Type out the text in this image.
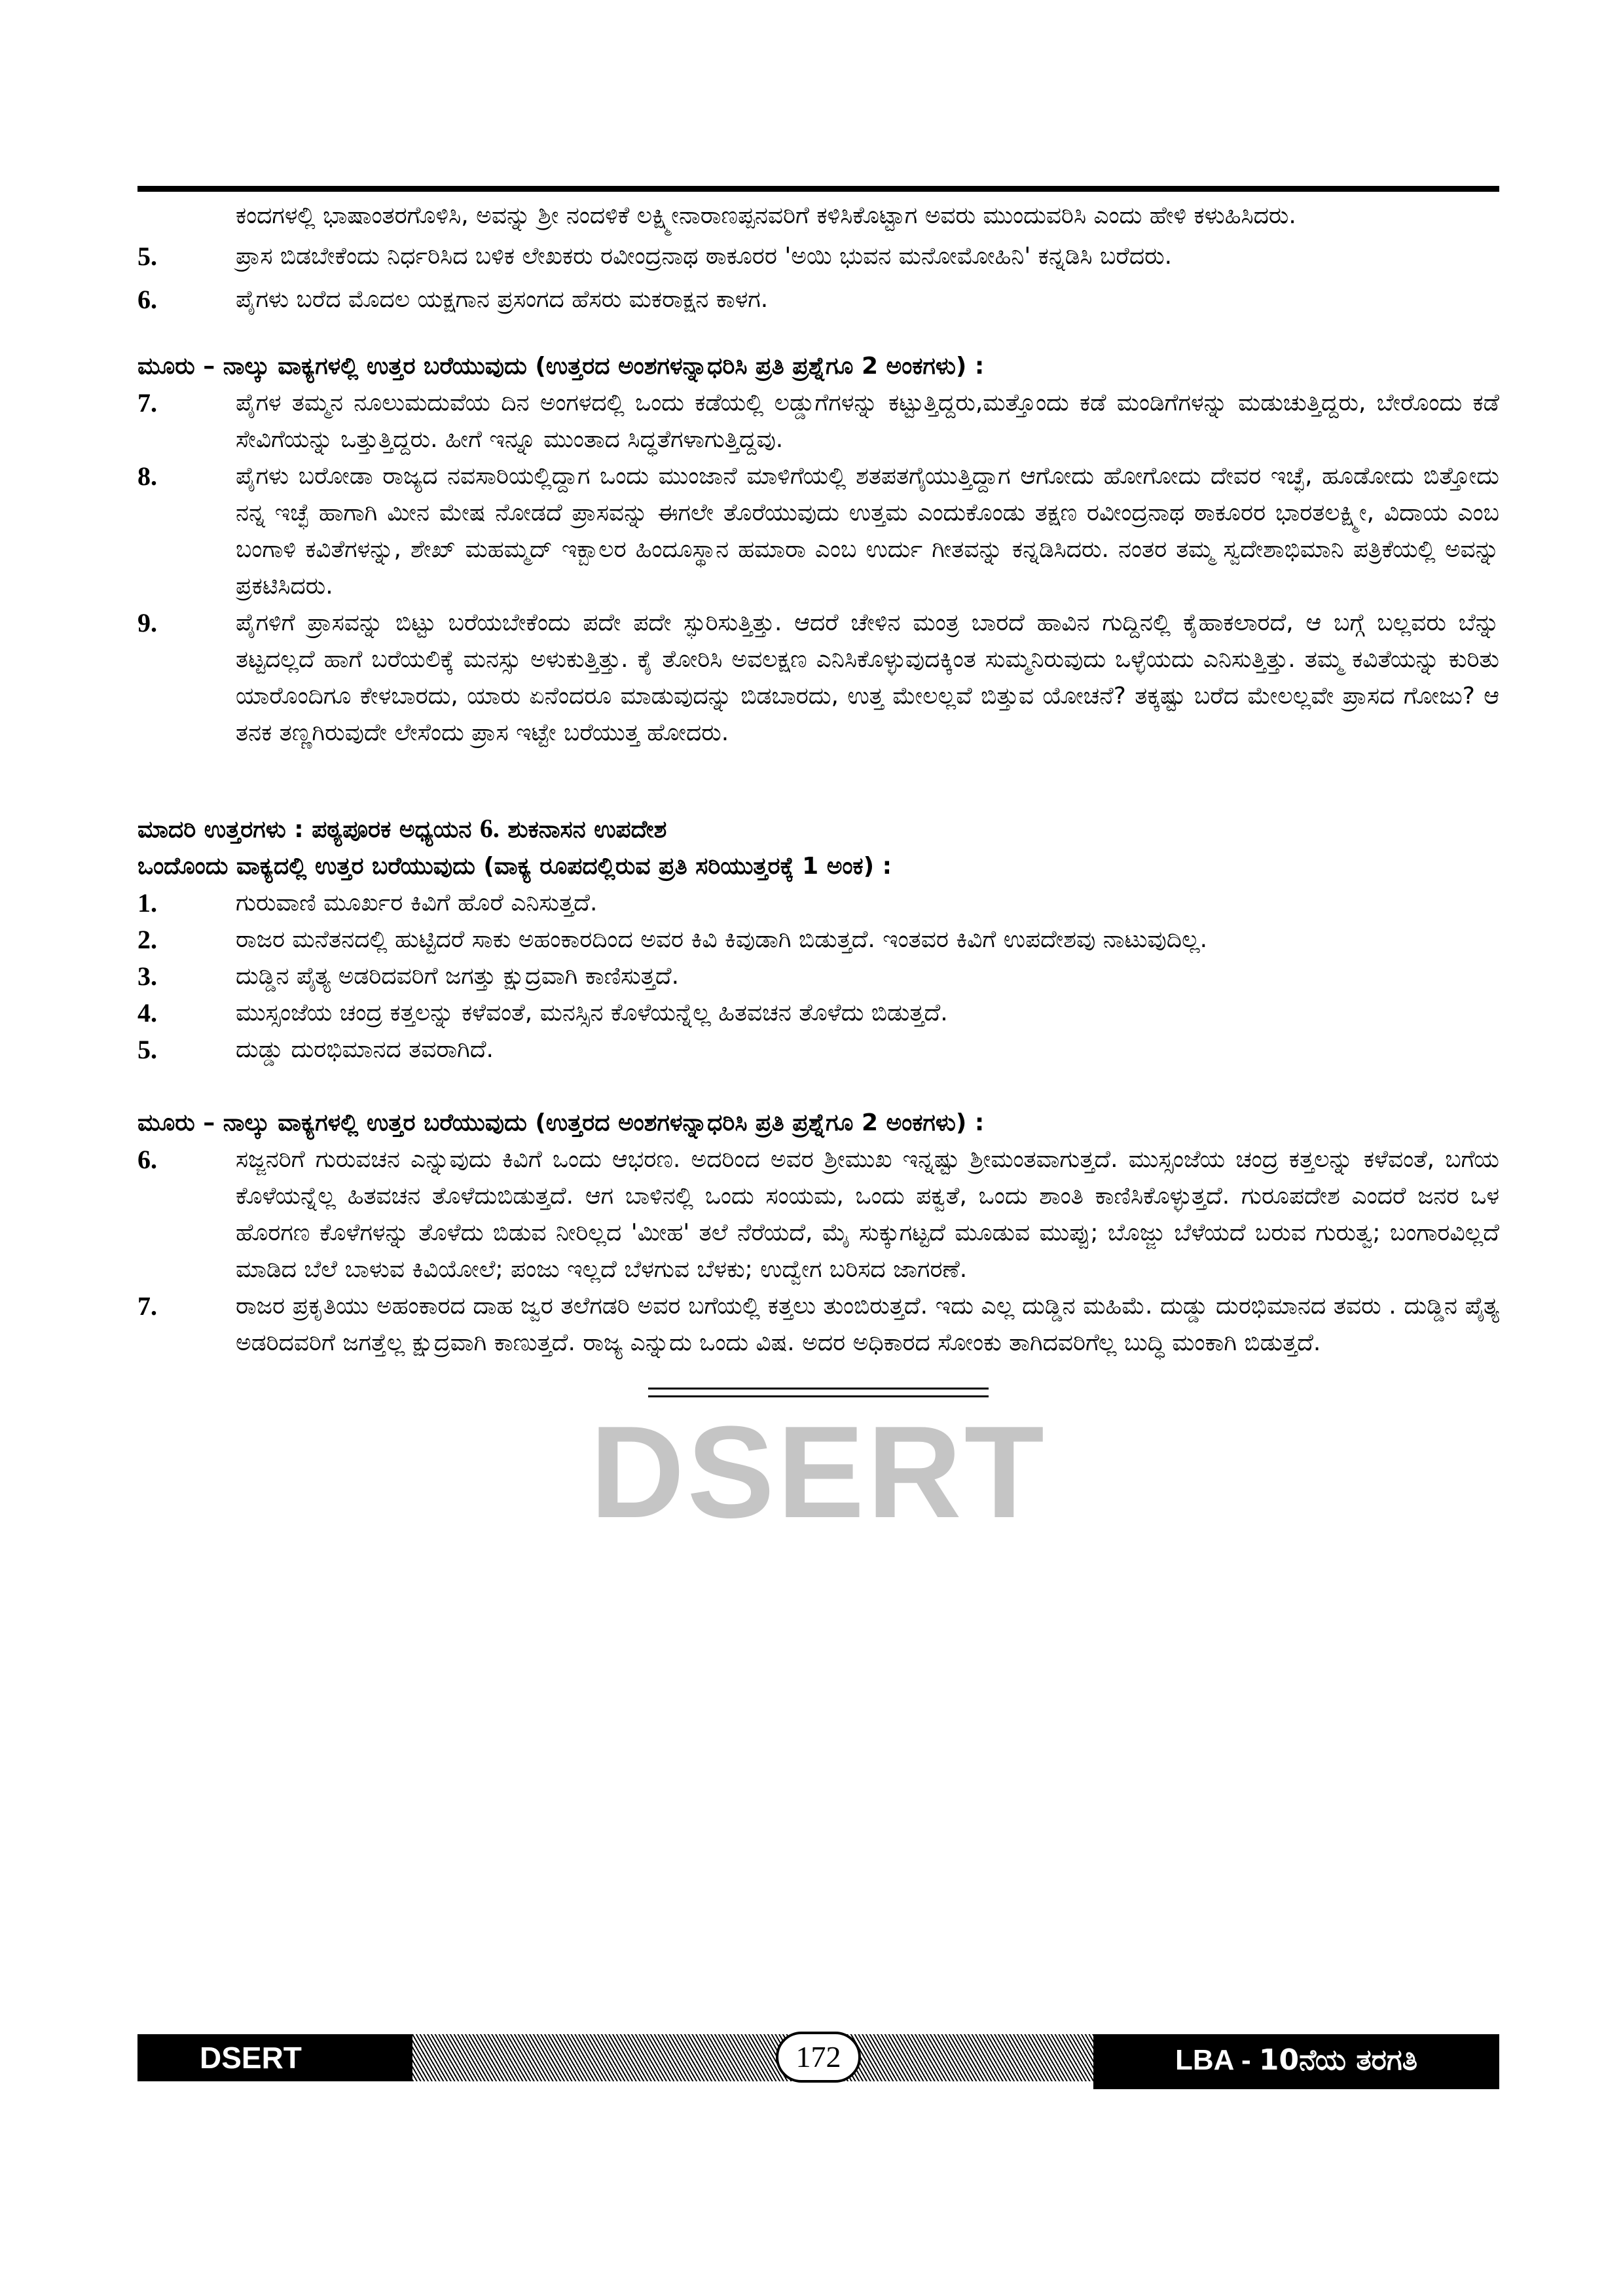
ಕಂದಗಳಲ್ಲಿ ಭಾಷಾಂತರಗೊಳಿಸಿ, ಅವನ್ನು ಶ್ರೀ ನಂದಳಿಕೆ ಲಕ್ಷ್ಮೀನಾರಾಣಪ್ಪನವರಿಗೆ ಕಳಿಸಿಕೊಟ್ಟಾಗ ಅವರು ಮುಂದುವರಿಸಿ ಎಂದು ಹೇಳಿ ಕಳುಹಿಸಿದರು.
5.	ಪ್ರಾಸ ಬಿಡಬೇಕೆಂದು ನಿರ್ಧರಿಸಿದ ಬಳಿಕ ಲೇಖಕರು ರವೀಂದ್ರನಾಥ ಠಾಕೂರರ 'ಅಯಿ ಭುವನ ಮನೋಮೋಹಿನಿ' ಕನ್ನಡಿಸಿ ಬರೆದರು.
6.	ಪೈಗಳು ಬರೆದ ಮೊದಲ ಯಕ್ಷಗಾನ ಪ್ರಸಂಗದ ಹೆಸರು ಮಕರಾಕ್ಷನ ಕಾಳಗ.
ಮೂರು – ನಾಲ್ಕು ವಾಕ್ಯಗಳಲ್ಲಿ ಉತ್ತರ ಬರೆಯುವುದು (ಉತ್ತರದ ಅಂಶಗಳನ್ನಾಧರಿಸಿ ಪ್ರತಿ ಪ್ರಶ್ನೆಗೂ 2 ಅಂಕಗಳು) :
7.	ಪೈಗಳ ತಮ್ಮನ ನೂಲುಮದುವೆಯ ದಿನ ಅಂಗಳದಲ್ಲಿ ಒಂದು ಕಡೆಯಲ್ಲಿ ಲಡ್ಡುಗೆಗಳನ್ನು ಕಟ್ಟುತ್ತಿದ್ದರು,ಮತ್ತೊಂದು ಕಡೆ ಮಂಡಿಗೆಗಳನ್ನು ಮಡುಚುತ್ತಿದ್ದರು, ಬೇರೊಂದು ಕಡೆ ಸೇವಿಗೆಯನ್ನು ಒತ್ತುತ್ತಿದ್ದರು. ಹೀಗೆ ಇನ್ನೂ ಮುಂತಾದ ಸಿದ್ಧತೆಗಳಾಗುತ್ತಿದ್ದವು.
8.	ಪೈಗಳು ಬರೋಡಾ ರಾಜ್ಯದ ನವಸಾರಿಯಲ್ಲಿದ್ದಾಗ ಒಂದು ಮುಂಜಾನೆ ಮಾಳಿಗೆಯಲ್ಲಿ ಶತಪತಗೈಯುತ್ತಿದ್ದಾಗ ಆಗೋದು ಹೋಗೋದು ದೇವರ ಇಚ್ಛೆ, ಹೂಡೋದು ಬಿತ್ತೋದು ನನ್ನ ಇಚ್ಛೆ ಹಾಗಾಗಿ ಮೀನ ಮೇಷ ನೋಡದೆ ಪ್ರಾಸವನ್ನು ಈಗಲೇ ತೊರೆಯುವುದು ಉತ್ತಮ ಎಂದುಕೊಂಡು ತಕ್ಷಣ ರವೀಂದ್ರನಾಥ ಠಾಕೂರರ ಭಾರತಲಕ್ಷ್ಮೀ, ವಿದಾಯ ಎಂಬ ಬಂಗಾಳಿ ಕವಿತೆಗಳನ್ನು, ಶೇಖ್ ಮಹಮ್ಮದ್ ಇಕ್ಬಾಲರ ಹಿಂದೂಸ್ಥಾನ ಹಮಾರಾ ಎಂಬ ಉರ್ದು ಗೀತವನ್ನು ಕನ್ನಡಿಸಿದರು. ನಂತರ ತಮ್ಮ ಸ್ವದೇಶಾಭಿಮಾನಿ ಪತ್ರಿಕೆಯಲ್ಲಿ ಅವನ್ನು ಪ್ರಕಟಿಸಿದರು.
9.	ಪೈಗಳಿಗೆ ಪ್ರಾಸವನ್ನು ಬಿಟ್ಟು ಬರೆಯಬೇಕೆಂದು ಪದೇ ಪದೇ ಸ್ಫುರಿಸುತ್ತಿತ್ತು. ಆದರೆ ಚೇಳಿನ ಮಂತ್ರ ಬಾರದೆ ಹಾವಿನ ಗುದ್ದಿನಲ್ಲಿ ಕೈಹಾಕಲಾರದೆ, ಆ ಬಗ್ಗೆ ಬಲ್ಲವರು ಬೆನ್ನು ತಟ್ಟದಲ್ಲದೆ ಹಾಗೆ ಬರೆಯಲಿಕ್ಕೆ ಮನಸ್ಸು ಅಳುಕುತ್ತಿತ್ತು. ಕೈ ತೋರಿಸಿ ಅವಲಕ್ಷಣ ಎನಿಸಿಕೊಳ್ಳುವುದಕ್ಕಿಂತ ಸುಮ್ಮನಿರುವುದು ಒಳ್ಳೆಯದು ಎನಿಸುತ್ತಿತ್ತು. ತಮ್ಮ ಕವಿತೆಯನ್ನು ಕುರಿತು ಯಾರೊಂದಿಗೂ ಕೇಳಬಾರದು, ಯಾರು ಏನೆಂದರೂ ಮಾಡುವುದನ್ನು ಬಿಡಬಾರದು, ಉತ್ತ ಮೇಲಲ್ಲವೆ ಬಿತ್ತುವ ಯೋಚನೆ? ತಕ್ಕಷ್ಟು ಬರೆದ ಮೇಲಲ್ಲವೇ ಪ್ರಾಸದ ಗೋಜು? ಆ ತನಕ ತಣ್ಣಗಿರುವುದೇ ಲೇಸೆಂದು ಪ್ರಾಸ ಇಟ್ಟೇ ಬರೆಯುತ್ತ ಹೋದರು.
ಮಾದರಿ ಉತ್ತರಗಳು : ಪಠ್ಯಪೂರಕ ಅಧ್ಯಯನ 6. ಶುಕನಾಸನ ಉಪದೇಶ
ಒಂದೊಂದು ವಾಕ್ಯದಲ್ಲಿ ಉತ್ತರ ಬರೆಯುವುದು (ವಾಕ್ಯ ರೂಪದಲ್ಲಿರುವ ಪ್ರತಿ ಸರಿಯುತ್ತರಕ್ಕೆ 1 ಅಂಕ) :
1.	ಗುರುವಾಣಿ ಮೂರ್ಖರ ಕಿವಿಗೆ ಹೊರೆ ಎನಿಸುತ್ತದೆ.
2.	ರಾಜರ ಮನೆತನದಲ್ಲಿ ಹುಟ್ಟಿದರೆ ಸಾಕು ಅಹಂಕಾರದಿಂದ ಅವರ ಕಿವಿ ಕಿವುಡಾಗಿ ಬಿಡುತ್ತದೆ. ಇಂತವರ ಕಿವಿಗೆ ಉಪದೇಶವು ನಾಟುವುದಿಲ್ಲ.
3.	ದುಡ್ಡಿನ ಪೈತ್ಯ ಅಡರಿದವರಿಗೆ ಜಗತ್ತು ಕ್ಷುದ್ರವಾಗಿ ಕಾಣಿಸುತ್ತದೆ.
4.	ಮುಸ್ಸಂಜೆಯ ಚಂದ್ರ ಕತ್ತಲನ್ನು ಕಳೆವಂತೆ, ಮನಸ್ಸಿನ ಕೊಳೆಯನ್ನೆಲ್ಲ ಹಿತವಚನ ತೊಳೆದು ಬಿಡುತ್ತದೆ.
5.	ದುಡ್ಡು ದುರಭಿಮಾನದ ತವರಾಗಿದೆ.
ಮೂರು – ನಾಲ್ಕು ವಾಕ್ಯಗಳಲ್ಲಿ ಉತ್ತರ ಬರೆಯುವುದು (ಉತ್ತರದ ಅಂಶಗಳನ್ನಾಧರಿಸಿ ಪ್ರತಿ ಪ್ರಶ್ನೆಗೂ 2 ಅಂಕಗಳು) :
6.	ಸಜ್ಜನರಿಗೆ ಗುರುವಚನ ಎನ್ನುವುದು ಕಿವಿಗೆ ಒಂದು ಆಭರಣ. ಅದರಿಂದ ಅವರ ಶ್ರೀಮುಖ ಇನ್ನಷ್ಟು ಶ್ರೀಮಂತವಾಗುತ್ತದೆ. ಮುಸ್ಸಂಜೆಯ ಚಂದ್ರ ಕತ್ತಲನ್ನು ಕಳೆವಂತೆ, ಬಗೆಯ ಕೊಳೆಯನ್ನೆಲ್ಲ ಹಿತವಚನ ತೊಳೆದುಬಿಡುತ್ತದೆ. ಆಗ ಬಾಳಿನಲ್ಲಿ ಒಂದು ಸಂಯಮ, ಒಂದು ಪಕ್ವತೆ, ಒಂದು ಶಾಂತಿ ಕಾಣಿಸಿಕೊಳ್ಳುತ್ತದೆ. ಗುರೂಪದೇಶ ಎಂದರೆ ಜನರ ಒಳ ಹೊರಗಣ ಕೊಳೆಗಳನ್ನು ತೊಳೆದು ಬಿಡುವ ನೀರಿಲ್ಲದ 'ಮೀಹ' ತಲೆ ನೆರೆಯದೆ, ಮೈ ಸುಕ್ಕುಗಟ್ಟದೆ ಮೂಡುವ ಮುಪ್ಪು; ಬೊಜ್ಜು ಬೆಳೆಯದೆ ಬರುವ ಗುರುತ್ವ; ಬಂಗಾರವಿಲ್ಲದೆ ಮಾಡಿದ ಬೆಲೆ ಬಾಳುವ ಕಿವಿಯೋಲೆ; ಪಂಜು ಇಲ್ಲದೆ ಬೆಳಗುವ ಬೆಳಕು; ಉದ್ವೇಗ ಬರಿಸದ ಜಾಗರಣೆ.
7.	ರಾಜರ ಪ್ರಕೃತಿಯು ಅಹಂಕಾರದ ದಾಹ ಜ್ವರ ತಲೆಗಡರಿ ಅವರ ಬಗೆಯಲ್ಲಿ ಕತ್ತಲು ತುಂಬಿರುತ್ತದೆ. ಇದು ಎಲ್ಲ ದುಡ್ಡಿನ ಮಹಿಮೆ. ದುಡ್ಡು ದುರಭಿಮಾನದ ತವರು . ದುಡ್ಡಿನ ಪೈತ್ಯ ಅಡರಿದವರಿಗೆ ಜಗತ್ತೆಲ್ಲ ಕ್ಷುದ್ರವಾಗಿ ಕಾಣುತ್ತದೆ. ರಾಜ್ಯ ಎನ್ನುದು ಒಂದು ವಿಷ. ಅದರ ಅಧಿಕಾರದ ಸೋಂಕು ತಾಗಿದವರಿಗೆಲ್ಲ ಬುದ್ಧಿ ಮಂಕಾಗಿ ಬಿಡುತ್ತದೆ.
DSERT
DSERT	172	LBA - 10ನೆಯ ತರಗತಿ
